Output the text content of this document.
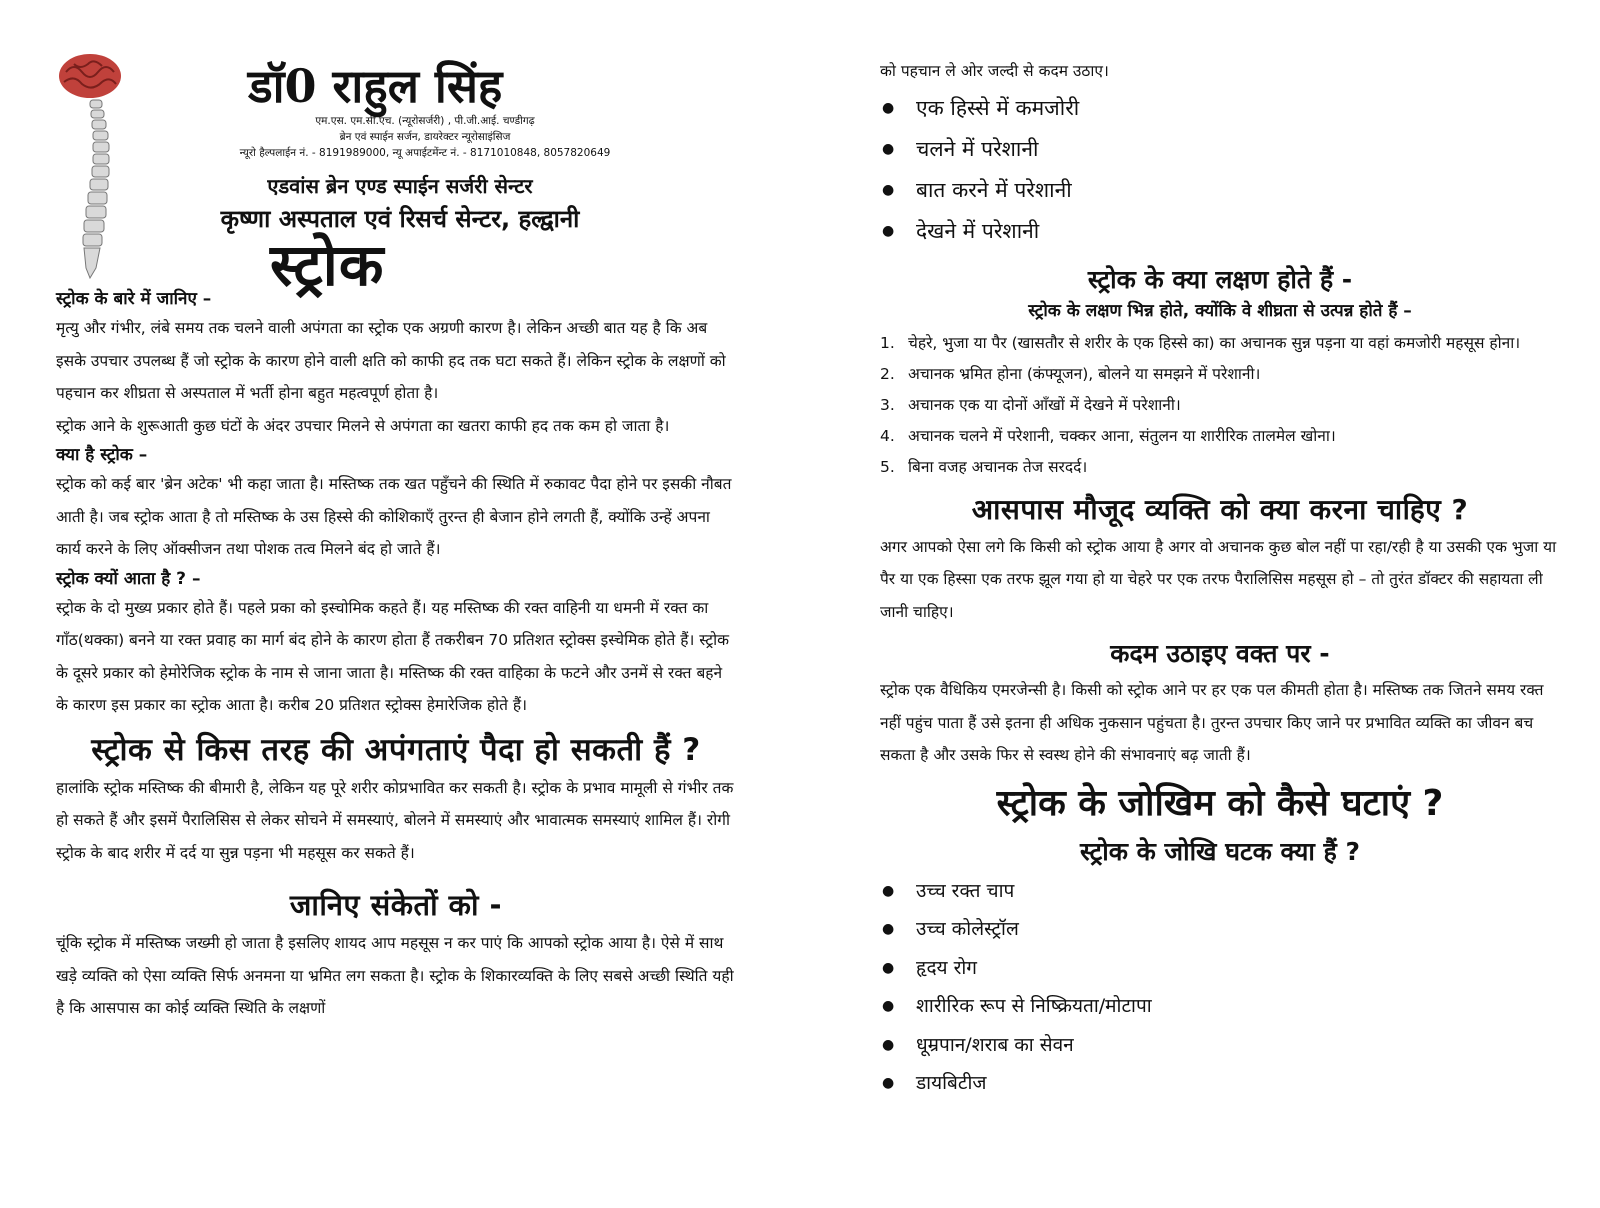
डॉ0 राहुल सिंह
एम.एस. एम.सी.एच. (न्यूरोसर्जरी) , पी.जी.आई. चण्डीगढ़
ब्रेन एवं स्पाईन सर्जन, डायरेक्टर न्यूरोसाइंसिज
न्यूरो हैल्पलाईन नं. - 8191989000, न्यू अपाईटमेंन्ट नं. - 8171010848, 8057820649
एडवांस ब्रेन एण्ड स्पाईन सर्जरी सेन्टर
कृष्णा अस्पताल एवं रिसर्च सेन्टर, हल्द्वानी
स्ट्रोक
स्ट्रोक के बारे में जानिए –

मृत्यु और गंभीर, लंबे समय तक चलने वाली अपंगता का स्ट्रोक एक अग्रणी कारण है। लेकिन अच्छी बात यह है कि अब इसके उपचार उपलब्ध हैं जो स्ट्रोक के कारण होने वाली क्षति को काफी हद तक घटा सकते हैं। लेकिन स्ट्रोक के लक्षणों को पहचान कर शीघ्रता से अस्पताल में भर्ती होना बहुत महत्वपूर्ण होता है।

स्ट्रोक आने के शुरूआती कुछ घंटों के अंदर उपचार मिलने से अपंगता का खतरा काफी हद तक कम हो जाता है।

क्या है स्ट्रोक –

स्ट्रोक को कई बार 'ब्रेन अटेक' भी कहा जाता है। मस्तिष्क तक खत पहुँचने की स्थिति में रुकावट पैदा होने पर इसकी नौबत आती है। जब स्ट्रोक आता है तो मस्तिष्क के उस हिस्से की कोशिकाएँ तुरन्त ही बेजान होने लगती हैं, क्योंकि उन्हें अपना कार्य करने के लिए ऑक्सीजन तथा पोशक तत्व मिलने बंद हो जाते हैं।

स्ट्रोक क्यों आता है ? –

स्ट्रोक के दो मुख्य प्रकार होते हैं। पहले प्रका को इस्चोमिक कहते हैं। यह मस्तिष्क की रक्त वाहिनी या धमनी में रक्त का गाँठ(थक्का) बनने या रक्त प्रवाह का मार्ग बंद होने के कारण होता हैं तकरीबन 70 प्रतिशत स्ट्रोक्स इस्चेमिक होते हैं। स्ट्रोक के दूसरे प्रकार को हेमोरेजिक स्ट्रोक के नाम से जाना जाता है। मस्तिष्क की रक्त वाहिका के फटने और उनमें से रक्त बहने के कारण इस प्रकार का स्ट्रोक आता है। करीब 20 प्रतिशत स्ट्रोक्स हेमारेजिक होते हैं।

स्ट्रोक से किस तरह की अपंगताएं पैदा हो सकती हैं ?

हालांकि स्ट्रोक मस्तिष्क की बीमारी है, लेकिन यह पूरे शरीर कोप्रभावित कर सकती है। स्ट्रोक के प्रभाव मामूली से गंभीर तक हो सकते हैं और इसमें पैरालिसिस से लेकर सोचने में समस्याएं, बोलने में समस्याएं और भावात्मक समस्याएं शामिल हैं। रोगी स्ट्रोक के बाद शरीर में दर्द या सुन्न पड़ना भी महसूस कर सकते हैं।

जानिए संकेतों को -

चूंकि स्ट्रोक में मस्तिष्क जख्मी हो जाता है इसलिए शायद आप महसूस न कर पाएं कि आपको स्ट्रोक आया है। ऐसे में साथ खड़े व्यक्ति को ऐसा व्यक्ति सिर्फ अनमना या भ्रमित लग सकता है। स्ट्रोक के शिकारव्यक्ति के लिए सबसे अच्छी स्थिति यही है कि आसपास का कोई व्यक्ति स्थिति के लक्षणों

को पहचान ले ओर जल्दी से कदम उठाए।

● एक हिस्से में कमजोरी
● चलने में परेशानी
● बात करने में परेशानी
● देखने में परेशानी
स्ट्रोक के क्या लक्षण होते हैं -
स्ट्रोक के लक्षण भिन्न होते, क्योंकि वे शीघ्रता से उत्पन्न होते हैं –
1. चेहरे, भुजा या पैर (खासतौर से शरीर के एक हिस्से का) का अचानक सुन्न पड़ना या वहां कमजोरी महसूस होना।
2. अचानक भ्रमित होना (कंफ्यूजन), बोलने या समझने में परेशानी।
3. अचानक एक या दोनों आँखों में देखने में परेशानी।
4. अचानक चलने में परेशानी, चक्कर आना, संतुलन या शारीरिक तालमेल खोना।
5. बिना वजह अचानक तेज सरदर्द।
आसपास मौजूद व्यक्ति को क्या करना चाहिए ?

अगर आपको ऐसा लगे कि किसी को स्ट्रोक आया है अगर वो अचानक कुछ बोल नहीं पा रहा/रही है या उसकी एक भुजा या पैर या एक हिस्सा एक तरफ झूल गया हो या चेहरे पर एक तरफ पैरालिसिस महसूस हो – तो तुरंत डॉक्टर की सहायता ली जानी चाहिए।

कदम उठाइए वक्त पर -

स्ट्रोक एक वैधिकिय एमरजेन्सी है। किसी को स्ट्रोक आने पर हर एक पल कीमती होता है। मस्तिष्क तक जितने समय रक्त नहीं पहुंच पाता हैं उसे इतना ही अधिक नुकसान पहुंचता है। तुरन्त उपचार किए जाने पर प्रभावित व्यक्ति का जीवन बच सकता है और उसके फिर से स्वस्थ होने की संभावनाएं बढ़ जाती हैं।

स्ट्रोक के जोखिम को कैसे घटाएं ?
स्ट्रोक के जोखि घटक क्या हैं ?
● उच्च रक्त चाप
● उच्च कोलेस्ट्रॉल
● हृदय रोग
● शारीरिक रूप से निष्क्रियता/मोटापा
● धूम्रपान/शराब का सेवन
● डायबिटीज
